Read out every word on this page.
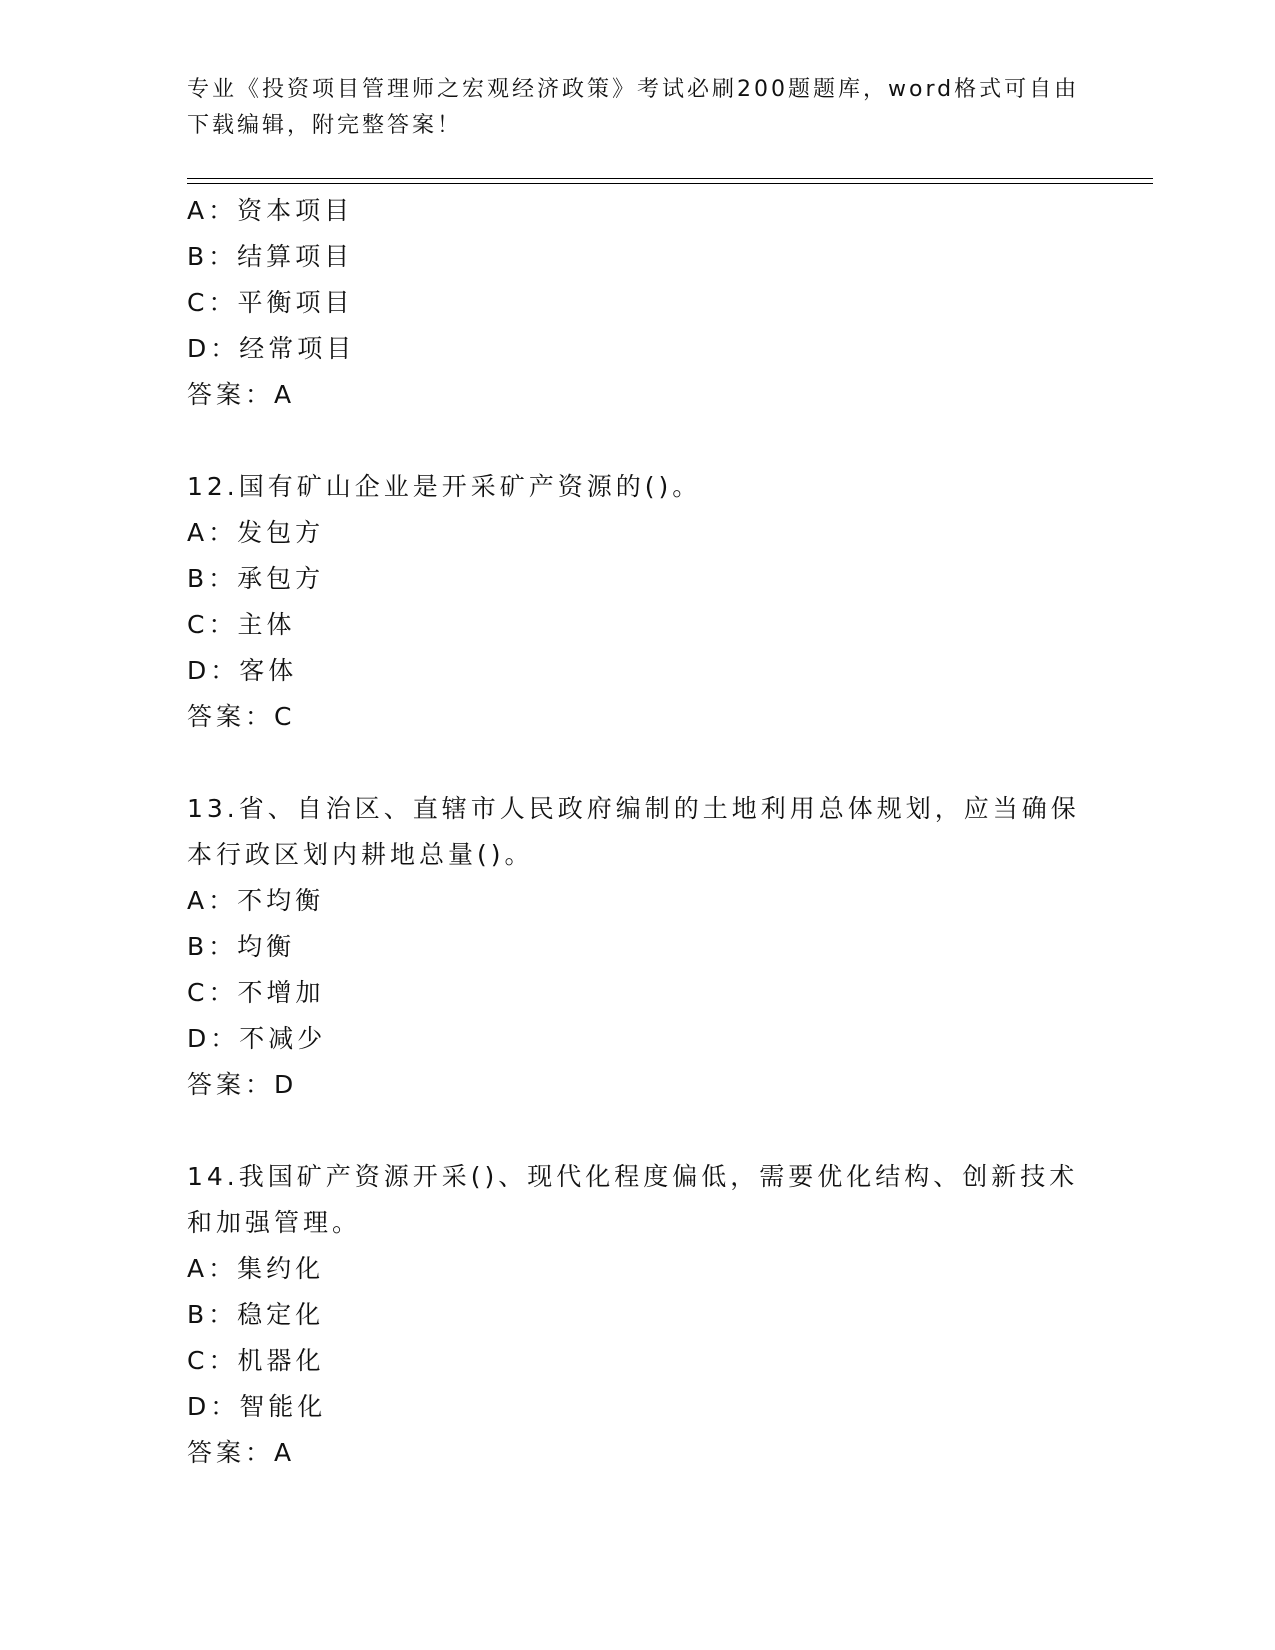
专业《投资项目管理师之宏观经济政策》考试必刷200题题库，word格式可自由下载编辑，附完整答案！
A：资本项目
B：结算项目
C：平衡项目
D：经常项目
答案：A
12.国有矿山企业是开采矿产资源的()。
A：发包方
B：承包方
C：主体
D：客体
答案：C
13.省、自治区、直辖市人民政府编制的土地利用总体规划，应当确保本行政区划内耕地总量()。
A：不均衡
B：均衡
C：不增加
D：不减少
答案：D
14.我国矿产资源开采()、现代化程度偏低，需要优化结构、创新技术和加强管理。
A：集约化
B：稳定化
C：机器化
D：智能化
答案：A
